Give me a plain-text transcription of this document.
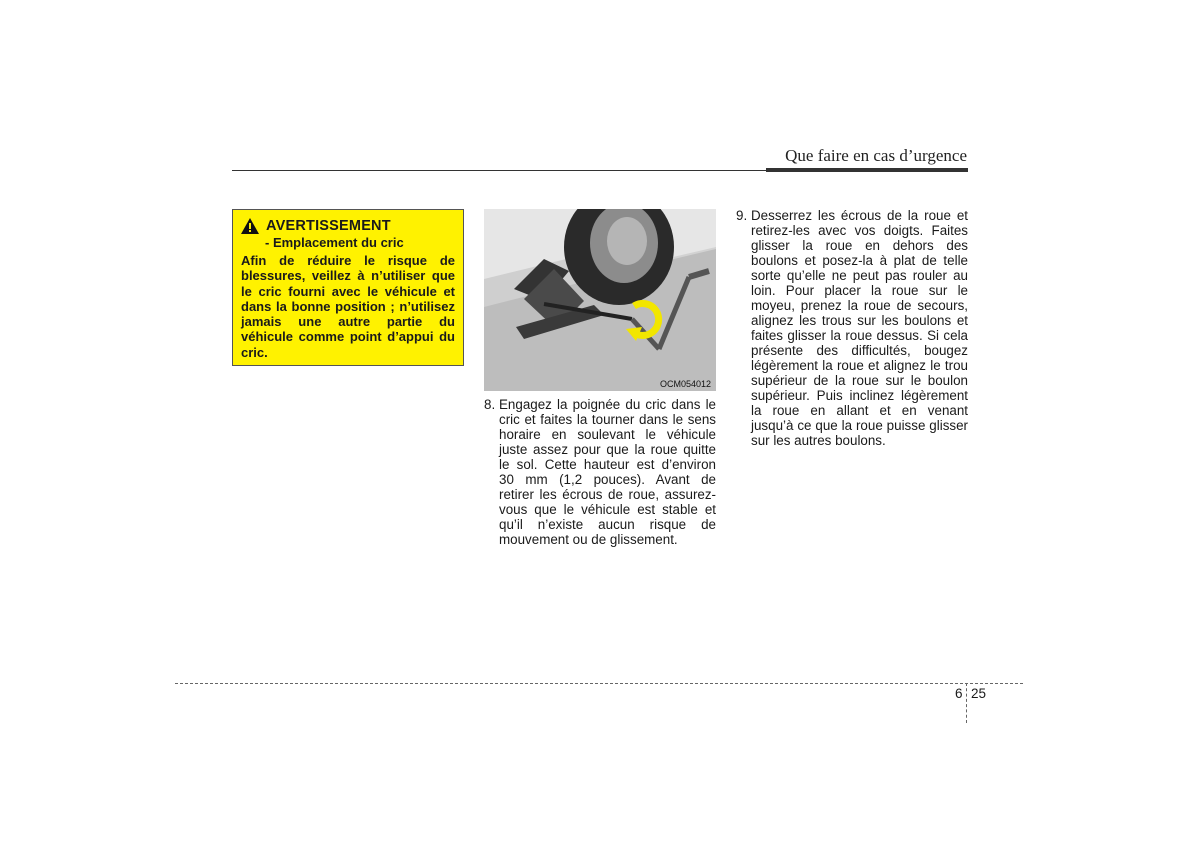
Que faire en cas d’urgence
AVERTISSEMENT
- Emplacement du cric
Afin de réduire le risque de blessures, veillez à n’utiliser que le cric fourni avec le véhicule et dans la bonne position ; n’utilisez jamais une autre partie du véhicule comme point d’appui du cric.
OCM054012
8. Engagez la poignée du cric dans le cric et faites la tourner dans le sens horaire en soulevant le véhicule juste assez pour que la roue quitte le sol. Cette hauteur est d’environ 30 mm (1,2 pouces). Avant de retirer les écrous de roue, assurez-vous que le véhicule est stable et qu’il n’existe aucun risque de mouvement ou de glissement.
9. Desserrez les écrous de la roue et retirez-les avec vos doigts. Faites glisser la roue en dehors des boulons et posez-la à plat de telle sorte qu’elle ne peut pas rouler au loin. Pour placer la roue sur le moyeu, prenez la roue de secours, alignez les trous sur les boulons et faites glisser la roue dessus. Si cela présente des difficultés, bougez légèrement la roue et alignez le trou supérieur de la roue sur le boulon supérieur. Puis inclinez légèrement la roue en allant et en venant jusqu’à ce que la roue puisse glisser sur les autres boulons.
6 25
